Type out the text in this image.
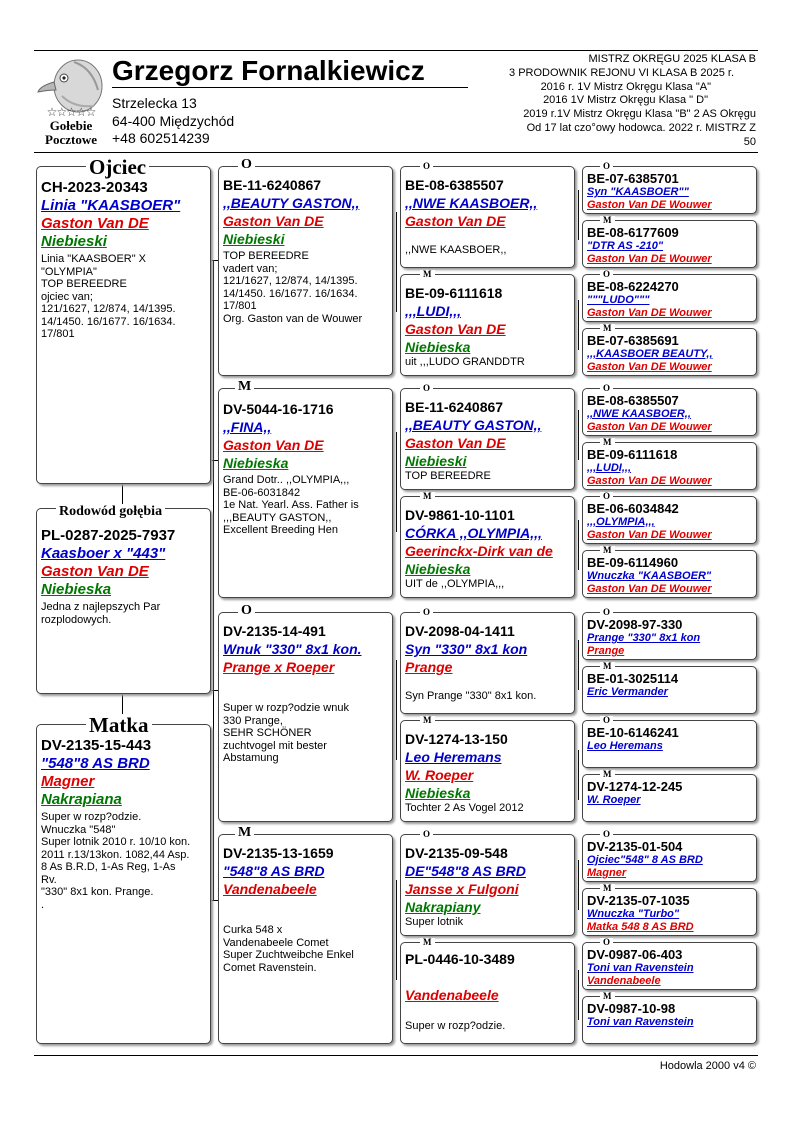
☆☆☆☆☆
Gołebie
Pocztowe
Grzegorz Fornalkiewicz
Strzelecka 13
64-400 Międzychód
+48 602514239
MISTRZ OKRĘGU 2025 KLASA B
3 PRODOWNIK REJONU VI KLASA B 2025 r.
2016 r. 1V Mistrz Okręgu Klasa "A"
2016 1V Mistrz Okręgu Klasa " D"
2019 r.1V Mistrz Okręgu Klasa "B" 2 AS Okręgu
Od 17 lat czo°owy hodowca. 2022 r. MISTRZ Z
50
CH-2023-20343
Linia "KAASBOER"
Gaston Van DE
Niebieski
Linia "KAASBOER" X
"OLYMPIA"
TOP BEREEDRE
ojciec van;
121/1627, 12/874, 14/1395.
14/1450. 16/1677. 16/1634.
17/801
Ojciec
PL-0287-2025-7937
Kaasboer x "443"
Gaston Van DE
Niebieska
Jedna z najlepszych Par
rozplodowych.
Rodowód gołębia
DV-2135-15-443
"548"8 AS BRD
Magner
Nakrapiana
Super w rozp?odzie.
Wnuczka "548"
Super lotnik 2010 r. 10/10 kon.
2011 r.13/13kon. 1082,44 Asp.
8 As B.R.D, 1-As Reg, 1-As
Rv.
"330" 8x1 kon. Prange.
.
Matka
BE-11-6240867
,,BEAUTY GASTON,,
Gaston Van DE
Niebieski
TOP BEREEDRE
vadert van;
121/1627, 12/874, 14/1395.
14/1450. 16/1677. 16/1634.
17/801
Org. Gaston van de Wouwer
O
DV-5044-16-1716
,,FINA,,
Gaston Van DE
Niebieska
Grand Dotr.. ,,OLYMPIA,,,
BE-06-6031842
1e Nat. Yearl. Ass. Father is
,,,BEAUTY GASTON,,
Excellent Breeding Hen
M
DV-2135-14-491
Wnuk "330" 8x1 kon.
Prange x Roeper
Super w rozp?odzie wnuk
330 Prange,
SEHR SCHÖNER
zuchtvogel mit bester
Abstamung
O
DV-2135-13-1659
"548"8 AS BRD
Vandenabeele
Curka 548 x
Vandenabeele Comet
Super Zuchtweibche Enkel
Comet Ravenstein.
M
BE-08-6385507
,,NWE KAASBOER,,
Gaston Van DE
,,NWE KAASBOER,,
O
BE-09-6111618
,,,LUDI,,,
Gaston Van DE
Niebieska
uit ,,,LUDO GRANDDTR
M
BE-11-6240867
,,BEAUTY GASTON,,
Gaston Van DE
Niebieski
TOP BEREEDRE
O
DV-9861-10-1101
CÓRKA ,,OLYMPIA,,,
Geerinckx-Dirk van de
Niebieska
UIT de ,,OLYMPIA,,,
M
DV-2098-04-1411
Syn "330" 8x1 kon
Prange
Syn Prange "330" 8x1 kon.
O
DV-1274-13-150
Leo Heremans
W. Roeper
Niebieska
Tochter 2 As Vogel 2012
M
DV-2135-09-548
DE"548"8 AS BRD
Jansse x Fulgoni
Nakrapiany
Super lotnik
O
PL-0446-10-3489
Vandenabeele
Super w rozp?odzie.
M
BE-07-6385701
Syn "KAASBOER""
Gaston Van DE Wouwer
O
BE-08-6177609
"DTR AS -210"
Gaston Van DE Wouwer
M
BE-08-6224270
"""LUDO"""
Gaston Van DE Wouwer
O
BE-07-6385691
,,,KAASBOER BEAUTY,,
Gaston Van DE Wouwer
M
BE-08-6385507
,,NWE KAASBOER,,
Gaston Van DE Wouwer
O
BE-09-6111618
,,,LUDI,,,
Gaston Van DE Wouwer
M
BE-06-6034842
,,,OLYMPIA,,,
Gaston Van DE Wouwer
O
BE-09-6114960
Wnuczka "KAASBOER"
Gaston Van DE Wouwer
M
DV-2098-97-330
Prange "330" 8x1 kon
Prange
O
BE-01-3025114
Eric Vermander
M
BE-10-6146241
Leo Heremans
O
DV-1274-12-245
W. Roeper
M
DV-2135-01-504
Ojciec"548" 8 AS BRD
Magner
O
DV-2135-07-1035
Wnuczka "Turbo"
Matka 548 8 AS BRD
M
DV-0987-06-403
Toni van Ravenstein
Vandenabeele
O
DV-0987-10-98
Toni van Ravenstein
M
Hodowla 2000 v4 ©
